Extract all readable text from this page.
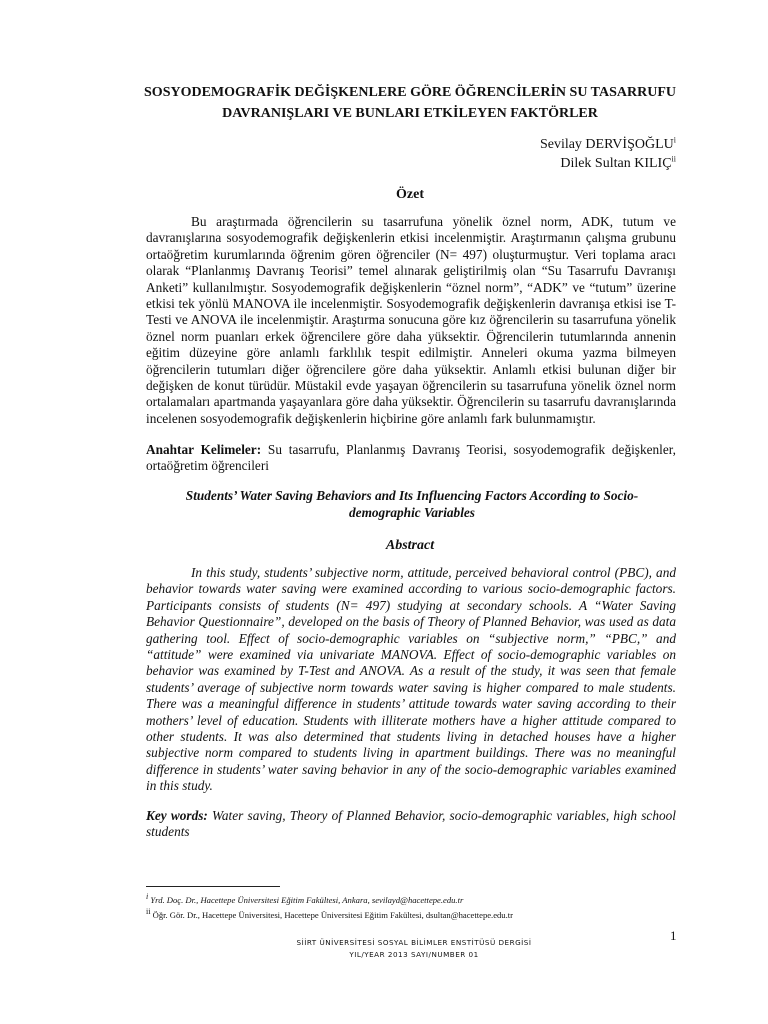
SOSYODEMOGRAFİK DEĞİŞKENLERE GÖRE ÖĞRENCİLERİN SU TASARRUFU DAVRANIŞLARI VE BUNLARI ETKİLEYEN FAKTÖRLER
Sevilay DERVİŞOĞLU$^i$
Dilek Sultan KILIÇ$^{ii}$
Özet

Bu araştırmada öğrencilerin su tasarrufuna yönelik öznel norm, ADK, tutum ve davranışlarına sosyodemografik değişkenlerin etkisi incelenmiştir. Araştırmanın çalışma grubunu ortaöğretim kurumlarında öğrenim gören öğrenciler (N= 497) oluşturmuştur. Veri toplama aracı olarak “Planlanmış Davranış Teorisi” temel alınarak geliştirilmiş olan “Su Tasarrufu Davranışı Anketi” kullanılmıştır. Sosyodemografik değişkenlerin “öznel norm”, “ADK” ve “tutum” üzerine etkisi tek yönlü MANOVA ile incelenmiştir. Sosyodemografik değişkenlerin davranışa etkisi ise T-Testi ve ANOVA ile incelenmiştir. Araştırma sonucuna göre kız öğrencilerin su tasarrufuna yönelik öznel norm puanları erkek öğrencilere göre daha yüksektir. Öğrencilerin tutumlarında annenin eğitim düzeyine göre anlamlı farklılık tespit edilmiştir. Anneleri okuma yazma bilmeyen öğrencilerin tutumları diğer öğrencilere göre daha yüksektir. Anlamlı etkisi bulunan diğer bir değişken de konut türüdür. Müstakil evde yaşayan öğrencilerin su tasarrufuna yönelik öznel norm ortalamaları apartmanda yaşayanlara göre daha yüksektir. Öğrencilerin su tasarrufu davranışlarında incelenen sosyodemografik değişkenlerin hiçbirine göre anlamlı fark bulunmamıştır.

Anahtar Kelimeler: Su tasarrufu, Planlanmış Davranış Teorisi, sosyodemografik değişkenler, ortaöğretim öğrencileri

Students’ Water Saving Behaviors and Its Influencing Factors According to Socio-demographic Variables
Abstract

In this study, students’ subjective norm, attitude, perceived behavioral control (PBC), and behavior towards water saving were examined according to various socio-demographic factors. Participants consists of students (N= 497) studying at secondary schools. A “Water Saving Behavior Questionnaire”, developed on the basis of Theory of Planned Behavior, was used as data gathering tool. Effect of socio-demographic variables on “subjective norm,” “PBC,” and “attitude” were examined via univariate MANOVA. Effect of socio-demographic variables on behavior was examined by T-Test and ANOVA. As a result of the study, it was seen that female students’ average of subjective norm towards water saving is higher compared to male students. There was a meaningful difference in students’ attitude towards water saving according to their mothers’ level of education. Students with illiterate mothers have a higher attitude compared to other students. It was also determined that students living in detached houses have a higher subjective norm compared to students living in apartment buildings. There was no meaningful difference in students’ water saving behavior in any of the socio-demographic variables examined in this study.

Key words: Water saving, Theory of Planned Behavior, socio-demographic variables, high school students

$^i$ Yrd. Doç. Dr., Hacettepe Üniversitesi Eğitim Fakültesi, Ankara, sevilayd@hacettepe.edu.tr

$^{ii}$ Öğr. Gör. Dr., Hacettepe Üniversitesi, Hacettepe Üniversitesi Eğitim Fakültesi, dsultan@hacettepe.edu.tr

1

SİİRT ÜNİVERSİTESİ SOSYAL BİLİMLER ENSTİTÜSÜ DERGİSİ

YIL/YEAR 2013 SAYI/NUMBER 01
